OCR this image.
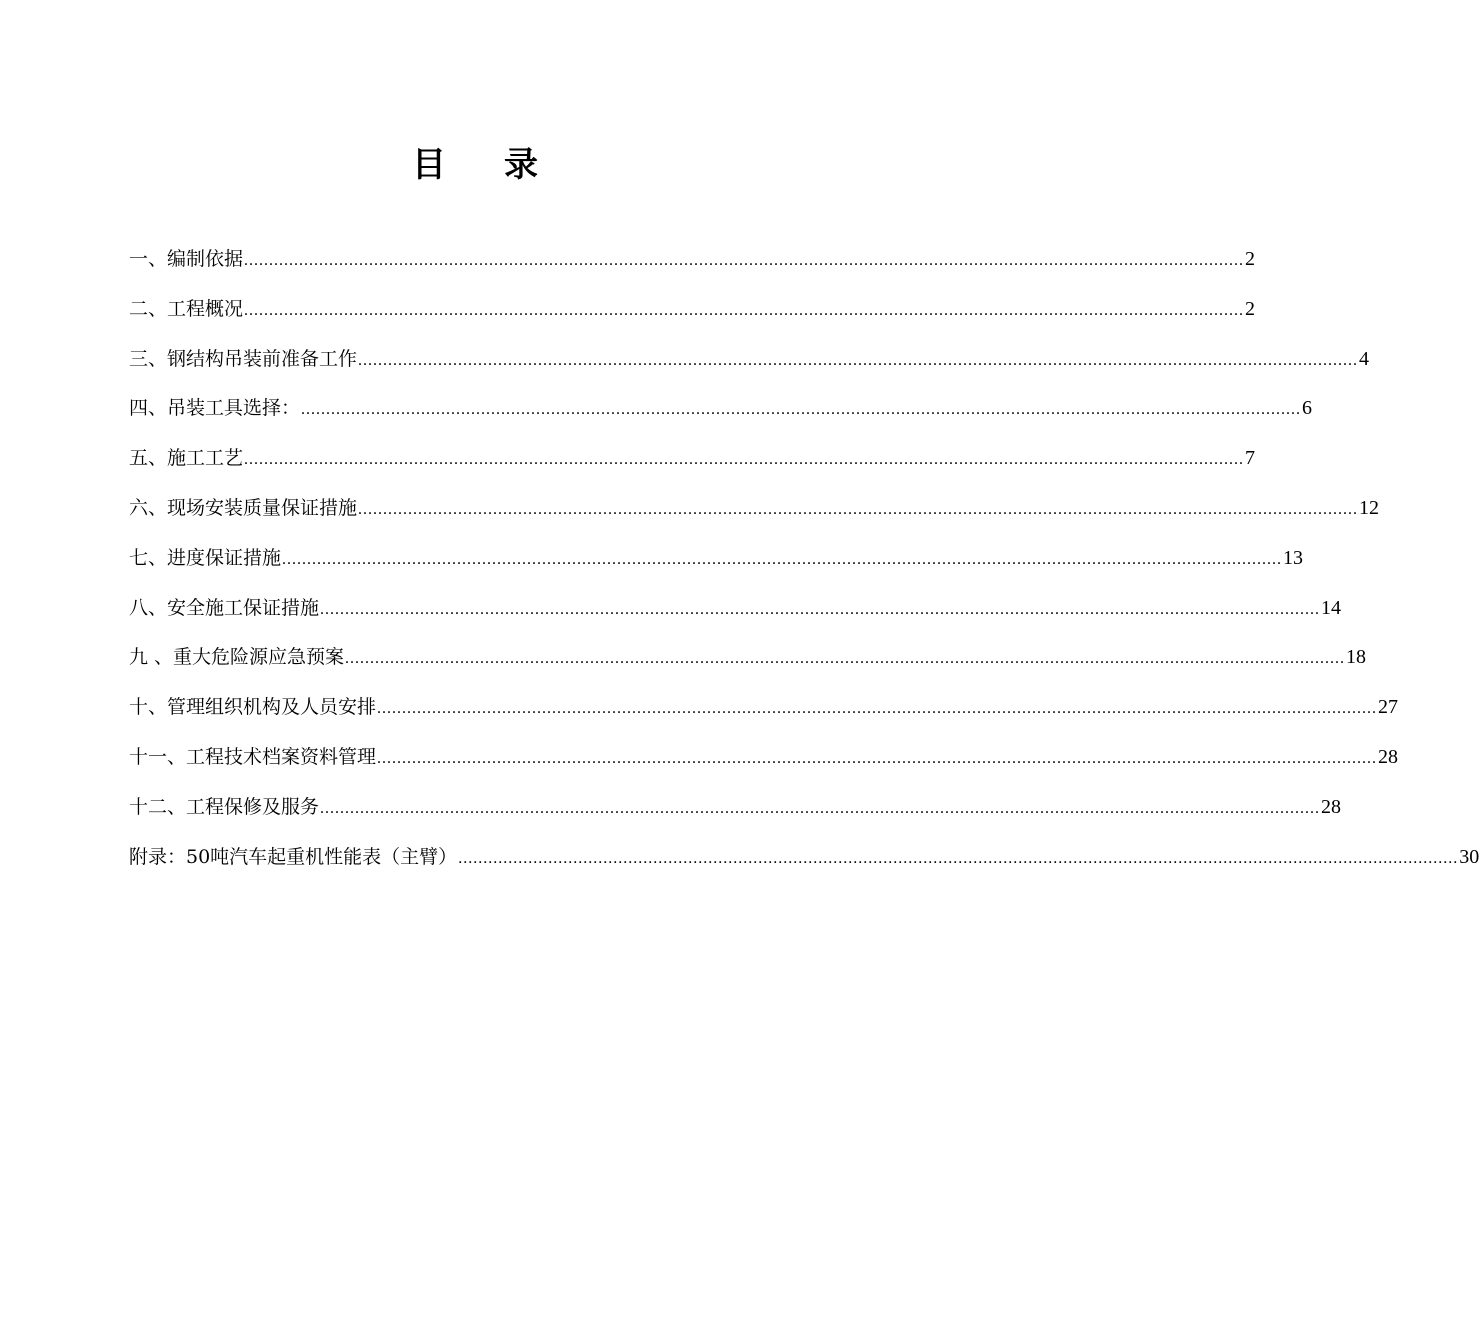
目录
一、编制依据 ........................................................................................................................................................................................................ 2
二、工程概况 ........................................................................................................................................................................................................ 2
三、钢结构吊装前准备工作 ........................................................................................................................................................................................................ 4
四、吊装工具选择： ........................................................................................................................................................................................................ 6
五、施工工艺 ........................................................................................................................................................................................................ 7
六、现场安装质量保证措施 ........................................................................................................................................................................................................ 12
七、进度保证措施 ........................................................................................................................................................................................................ 13
八、安全施工保证措施 ........................................................................................................................................................................................................ 14
九 、重大危险源应急预案 ........................................................................................................................................................................................................ 18
十、管理组织机构及人员安排 ........................................................................................................................................................................................................ 27
十一、工程技术档案资料管理 ........................................................................................................................................................................................................ 28
十二、工程保修及服务 ........................................................................................................................................................................................................ 28
附录：50吨汽车起重机性能表（主臂） ........................................................................................................................................................................................................ 30
